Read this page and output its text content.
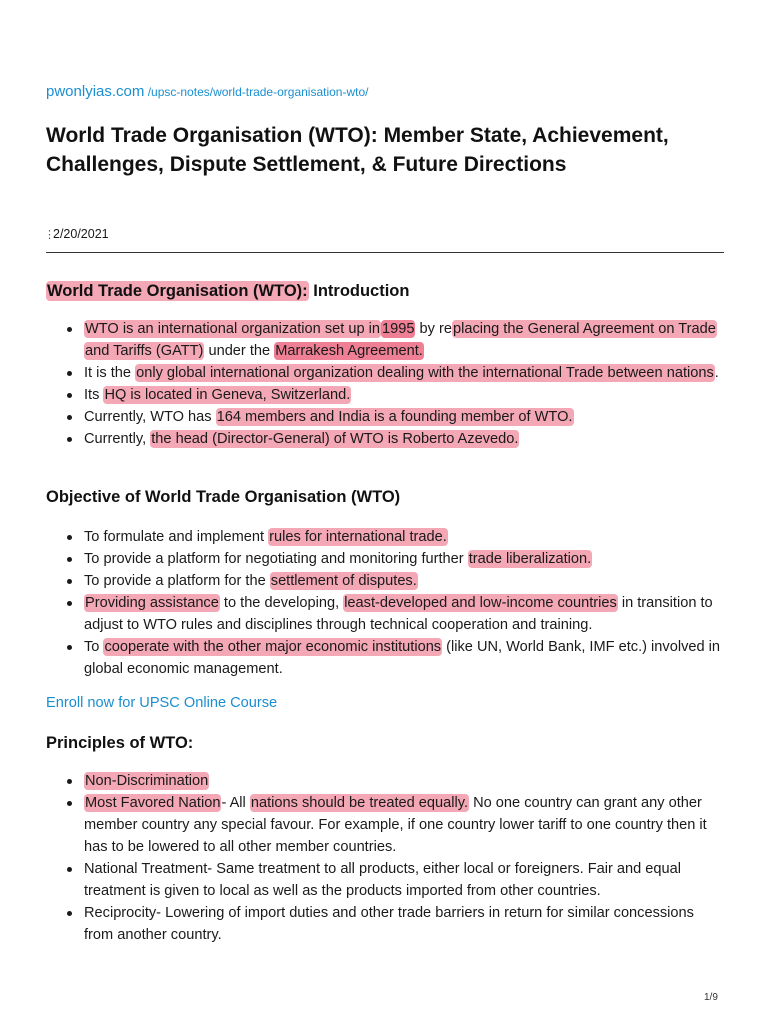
pwonlyias.com /upsc-notes/world-trade-organisation-wto/
World Trade Organisation (WTO): Member State, Achievement, Challenges, Dispute Settlement, & Future Directions
⋮2/20/2021
World Trade Organisation (WTO): Introduction
WTO is an international organization set up in 1995 by replacing the General Agreement on Trade and Tariffs (GATT) under the Marrakesh Agreement.
It is the only global international organization dealing with the international Trade between nations.
Its HQ is located in Geneva, Switzerland.
Currently, WTO has 164 members and India is a founding member of WTO.
Currently, the head (Director-General) of WTO is Roberto Azevedo.
Objective of World Trade Organisation (WTO)
To formulate and implement rules for international trade.
To provide a platform for negotiating and monitoring further trade liberalization.
To provide a platform for the settlement of disputes.
Providing assistance to the developing, least-developed and low-income countries in transition to adjust to WTO rules and disciplines through technical cooperation and training.
To cooperate with the other major economic institutions (like UN, World Bank, IMF etc.) involved in global economic management.
Enroll now for UPSC Online Course
Principles of WTO:
Non-Discrimination
Most Favored Nation- All nations should be treated equally. No one country can grant any other member country any special favour. For example, if one country lower tariff to one country then it has to be lowered to all other member countries.
National Treatment- Same treatment to all products, either local or foreigners. Fair and equal treatment is given to local as well as the products imported from other countries.
Reciprocity- Lowering of import duties and other trade barriers in return for similar concessions from another country.
1/9
